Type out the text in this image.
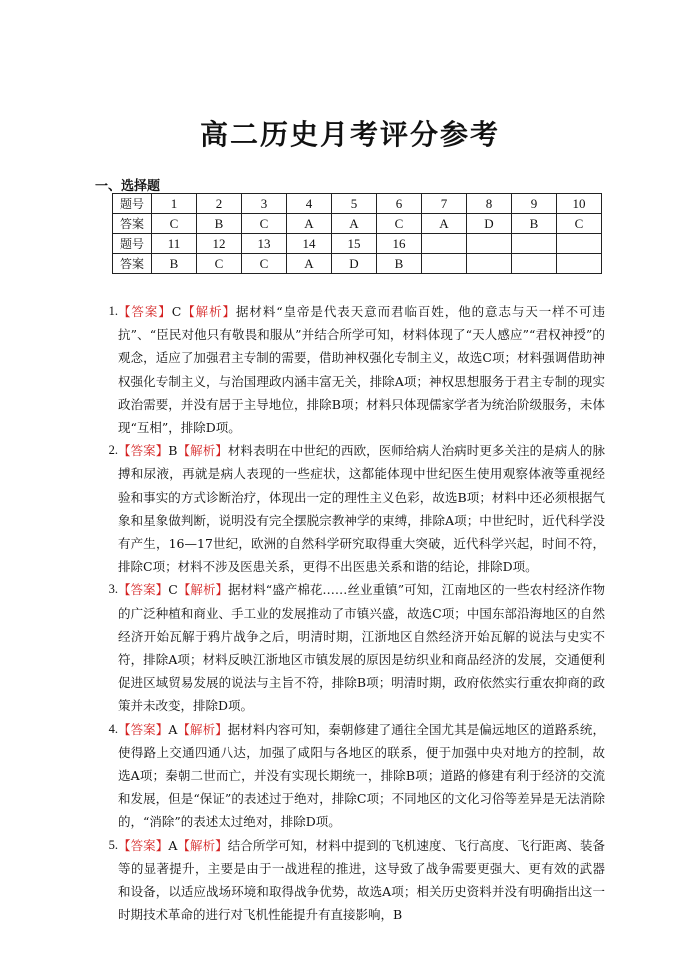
高二历史月考评分参考
一、选择题
题号	1	2	3	4	5	6	7	8	9	10
答案	C	B	C	A	A	C	A	D	B	C
题号	11	12	13	14	15	16				
答案	B	C	C	A	D	B				
1. 【答案】C【解析】据材料“皇帝是代表天意而君临百姓，他的意志与天一样不可违抗”、“臣民对他只有敬畏和服从”并结合所学可知，材料体现了“天人感应”“君权神授”的观念，适应了加强君主专制的需要，借助神权强化专制主义，故选C项；材料强调借助神权强化专制主义，与治国理政内涵丰富无关，排除A项；神权思想服务于君主专制的现实政治需要，并没有居于主导地位，排除B项；材料只体现儒家学者为统治阶级服务，未体现“互相”，排除D项。
2. 【答案】B【解析】材料表明在中世纪的西欧，医师给病人治病时更多关注的是病人的脉搏和尿液，再就是病人表现的一些症状，这都能体现中世纪医生使用观察体液等重视经验和事实的方式诊断治疗，体现出一定的理性主义色彩，故选B项；材料中还必须根据气象和星象做判断，说明没有完全摆脱宗教神学的束缚，排除A项；中世纪时，近代科学没有产生，16—17世纪，欧洲的自然科学研究取得重大突破，近代科学兴起，时间不符，排除C项；材料不涉及医患关系，更得不出医患关系和谐的结论，排除D项。
3. 【答案】C【解析】据材料“盛产棉花……丝业重镇”可知，江南地区的一些农村经济作物的广泛种植和商业、手工业的发展推动了市镇兴盛，故选C项；中国东部沿海地区的自然经济开始瓦解于鸦片战争之后，明清时期，江浙地区自然经济开始瓦解的说法与史实不符，排除A项；材料反映江浙地区市镇发展的原因是纺织业和商品经济的发展，交通便利促进区域贸易发展的说法与主旨不符，排除B项；明清时期，政府依然实行重农抑商的政策并未改变，排除D项。
4. 【答案】A【解析】据材料内容可知，秦朝修建了通往全国尤其是偏远地区的道路系统，使得路上交通四通八达，加强了咸阳与各地区的联系，便于加强中央对地方的控制，故选A项；秦朝二世而亡，并没有实现长期统一，排除B项；道路的修建有利于经济的交流和发展，但是“保证”的表述过于绝对，排除C项；不同地区的文化习俗等差异是无法消除的，“消除”的表述太过绝对，排除D项。
5. 【答案】A【解析】结合所学可知，材料中提到的飞机速度、飞行高度、飞行距离、装备等的显著提升，主要是由于一战进程的推进，这导致了战争需要更强大、更有效的武器和设备，以适应战场环境和取得战争优势，故选A项；相关历史资料并没有明确指出这一时期技术革命的进行对飞机性能提升有直接影响，B
